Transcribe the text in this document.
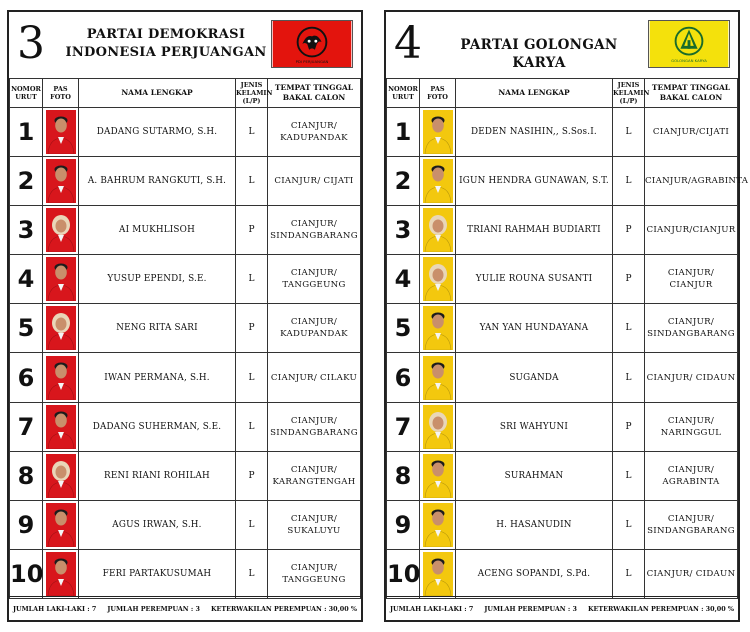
3	PARTAI DEMOKRASI INDONESIA PERJUANGAN
PDI PERJUANGAN
NOMOR URUT	PAS FOTO	NAMA LENGKAP	JENIS KELAMIN (L/P)	TEMPAT TINGGAL BAKAL CALON
1		DADANG SUTARMO, S.H.	L	CIANJUR/ KADUPANDAK
2		A. BAHRUM RANGKUTI, S.H.	L	CIANJUR/ CIJATI
3		AI MUKHLISOH	P	CIANJUR/ SINDANGBARANG
4		YUSUP EPENDI, S.E.	L	CIANJUR/ TANGGEUNG
5		NENG RITA SARI	P	CIANJUR/ KADUPANDAK
6		IWAN PERMANA, S.H.	L	CIANJUR/ CILAKU
7		DADANG SUHERMAN, S.E.	L	CIANJUR/ SINDANGBARANG
8		RENI RIANI ROHILAH	P	CIANJUR/ KARANGTENGAH
9		AGUS IRWAN, S.H.	L	CIANJUR/ SUKALUYU
10		FERI PARTAKUSUMAH	L	CIANJUR/ TANGGEUNG
JUMLAH LAKI-LAKI : 7 JUMLAH PEREMPUAN : 3 KETERWAKILAN PEREMPUAN : 30,00 %
4	PARTAI GOLONGAN KARYA	GOLONGAN KARYA
NOMOR URUT	PAS FOTO	NAMA LENGKAP	JENIS KELAMIN (L/P)	TEMPAT TINGGAL BAKAL CALON
1		DEDEN NASIHIN,, S.Sos.I.	L	CIANJUR/CIJATI
2		IGUN HENDRA GUNAWAN, S.T.	L	CIANJUR/AGRABINTA
3		TRIANI RAHMAH BUDIARTI	P	CIANJUR/CIANJUR
4		YULIE ROUNA SUSANTI	P	CIANJUR/ CIANJUR
5		YAN YAN HUNDAYANA	L	CIANJUR/ SINDANGBARANG
6		SUGANDA	L	CIANJUR/ CIDAUN
7		SRI WAHYUNI	P	CIANJUR/ NARINGGUL
8		SURAHMAN	L	CIANJUR/ AGRABINTA
9		H. HASANUDIN	L	CIANJUR/ SINDANGBARANG
10		ACENG SOPANDI, S.Pd.	L	CIANJUR/ CIDAUN
JUMLAH LAKI-LAKI : 7 JUMLAH PEREMPUAN : 3 KETERWAKILAN PEREMPUAN : 30,00 %
